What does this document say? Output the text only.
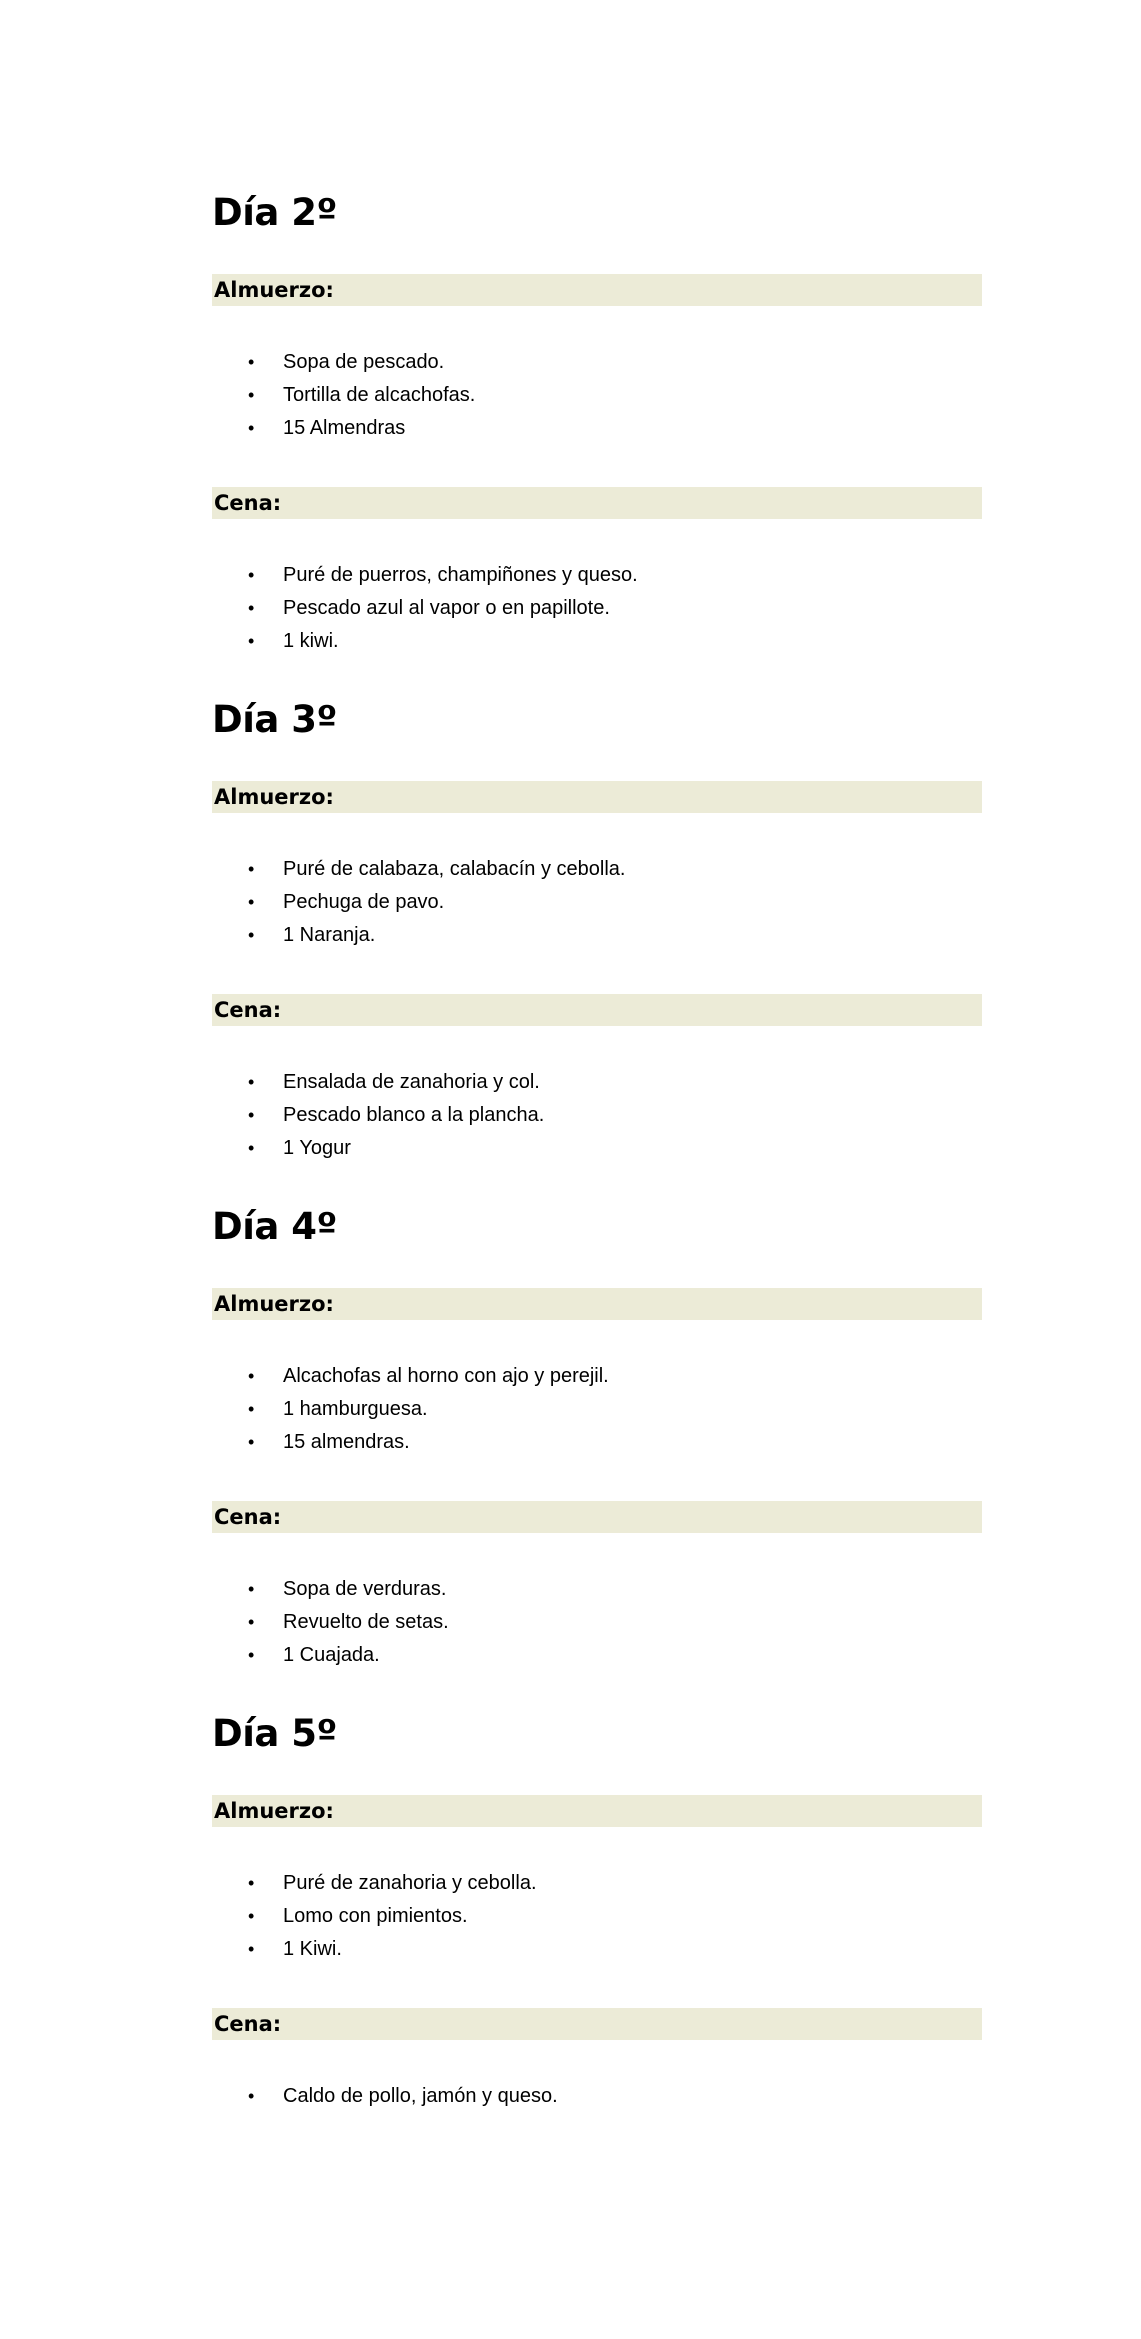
Día 2º
Almuerzo:
• Sopa de pescado.
• Tortilla de alcachofas.
• 15 Almendras
Cena:
• Puré de puerros, champiñones y queso.
• Pescado azul al vapor o en papillote.
• 1 kiwi.
Día 3º
Almuerzo:
• Puré de calabaza, calabacín y cebolla.
• Pechuga de pavo.
• 1 Naranja.
Cena:
• Ensalada de zanahoria y col.
• Pescado blanco a la plancha.
• 1 Yogur
Día 4º
Almuerzo:
• Alcachofas al horno con ajo y perejil.
• 1 hamburguesa.
• 15 almendras.
Cena:
• Sopa de verduras.
• Revuelto de setas.
• 1 Cuajada.
Día 5º
Almuerzo:
• Puré de zanahoria y cebolla.
• Lomo con pimientos.
• 1 Kiwi.
Cena:
• Caldo de pollo, jamón y queso.
